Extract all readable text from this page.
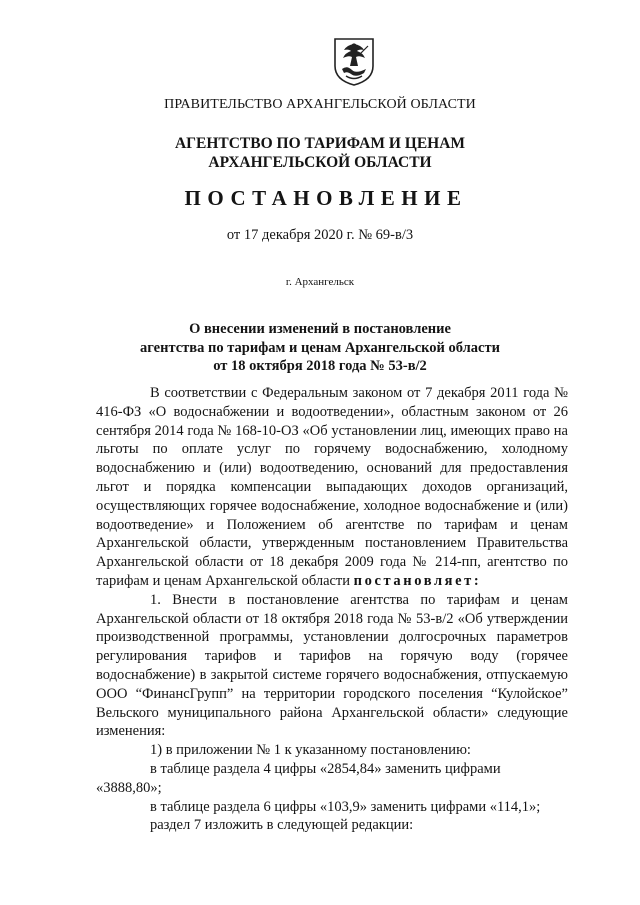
ПРАВИТЕЛЬСТВО АРХАНГЕЛЬСКОЙ ОБЛАСТИ
АГЕНТСТВО ПО ТАРИФАМ И ЦЕНАМ
АРХАНГЕЛЬСКОЙ ОБЛАСТИ
ПОСТАНОВЛЕНИЕ
от 17 декабря 2020 г. № 69-в/3
г. Архангельск
О внесении изменений в постановление
агентства по тарифам и ценам Архангельской области
от 18 октября 2018 года № 53-в/2

В соответствии с Федеральным законом от 7 декабря 2011 года № 416-ФЗ «О водоснабжении и водоотведении», областным законом от 26 сентября 2014 года № 168-10-ОЗ «Об установлении лиц, имеющих право на льготы по оплате услуг по горячему водоснабжению, холодному водоснабжению и (или) водоотведению, оснований для предоставления льгот и порядка компенсации выпадающих доходов организаций, осуществляющих горячее водоснабжение, холодное водоснабжение и (или) водоотведение» и Положением об агентстве по тарифам и ценам Архангельской области, утвержденным постановлением Правительства Архангельской области от 18 декабря 2009 года № 214-пп, агентство по тарифам и ценам Архангельской области постановляет:

1. Внести в постановление агентства по тарифам и ценам Архангельской области от 18 октября 2018 года № 53-в/2 «Об утверждении производственной программы, установлении долгосрочных параметров регулирования тарифов и тарифов на горячую воду (горячее водоснабжение) в закрытой системе горячего водоснабжения, отпускаемую ООО “ФинансГрупп” на территории городского поселения “Кулойское” Вельского муниципального района Архангельской области» следующие изменения:

1) в приложении № 1 к указанному постановлению:

в таблице раздела 4 цифры «2854,84» заменить цифрами «3888,80»;

в таблице раздела 6 цифры «103,9» заменить цифрами «114,1»;

раздел 7 изложить в следующей редакции:
